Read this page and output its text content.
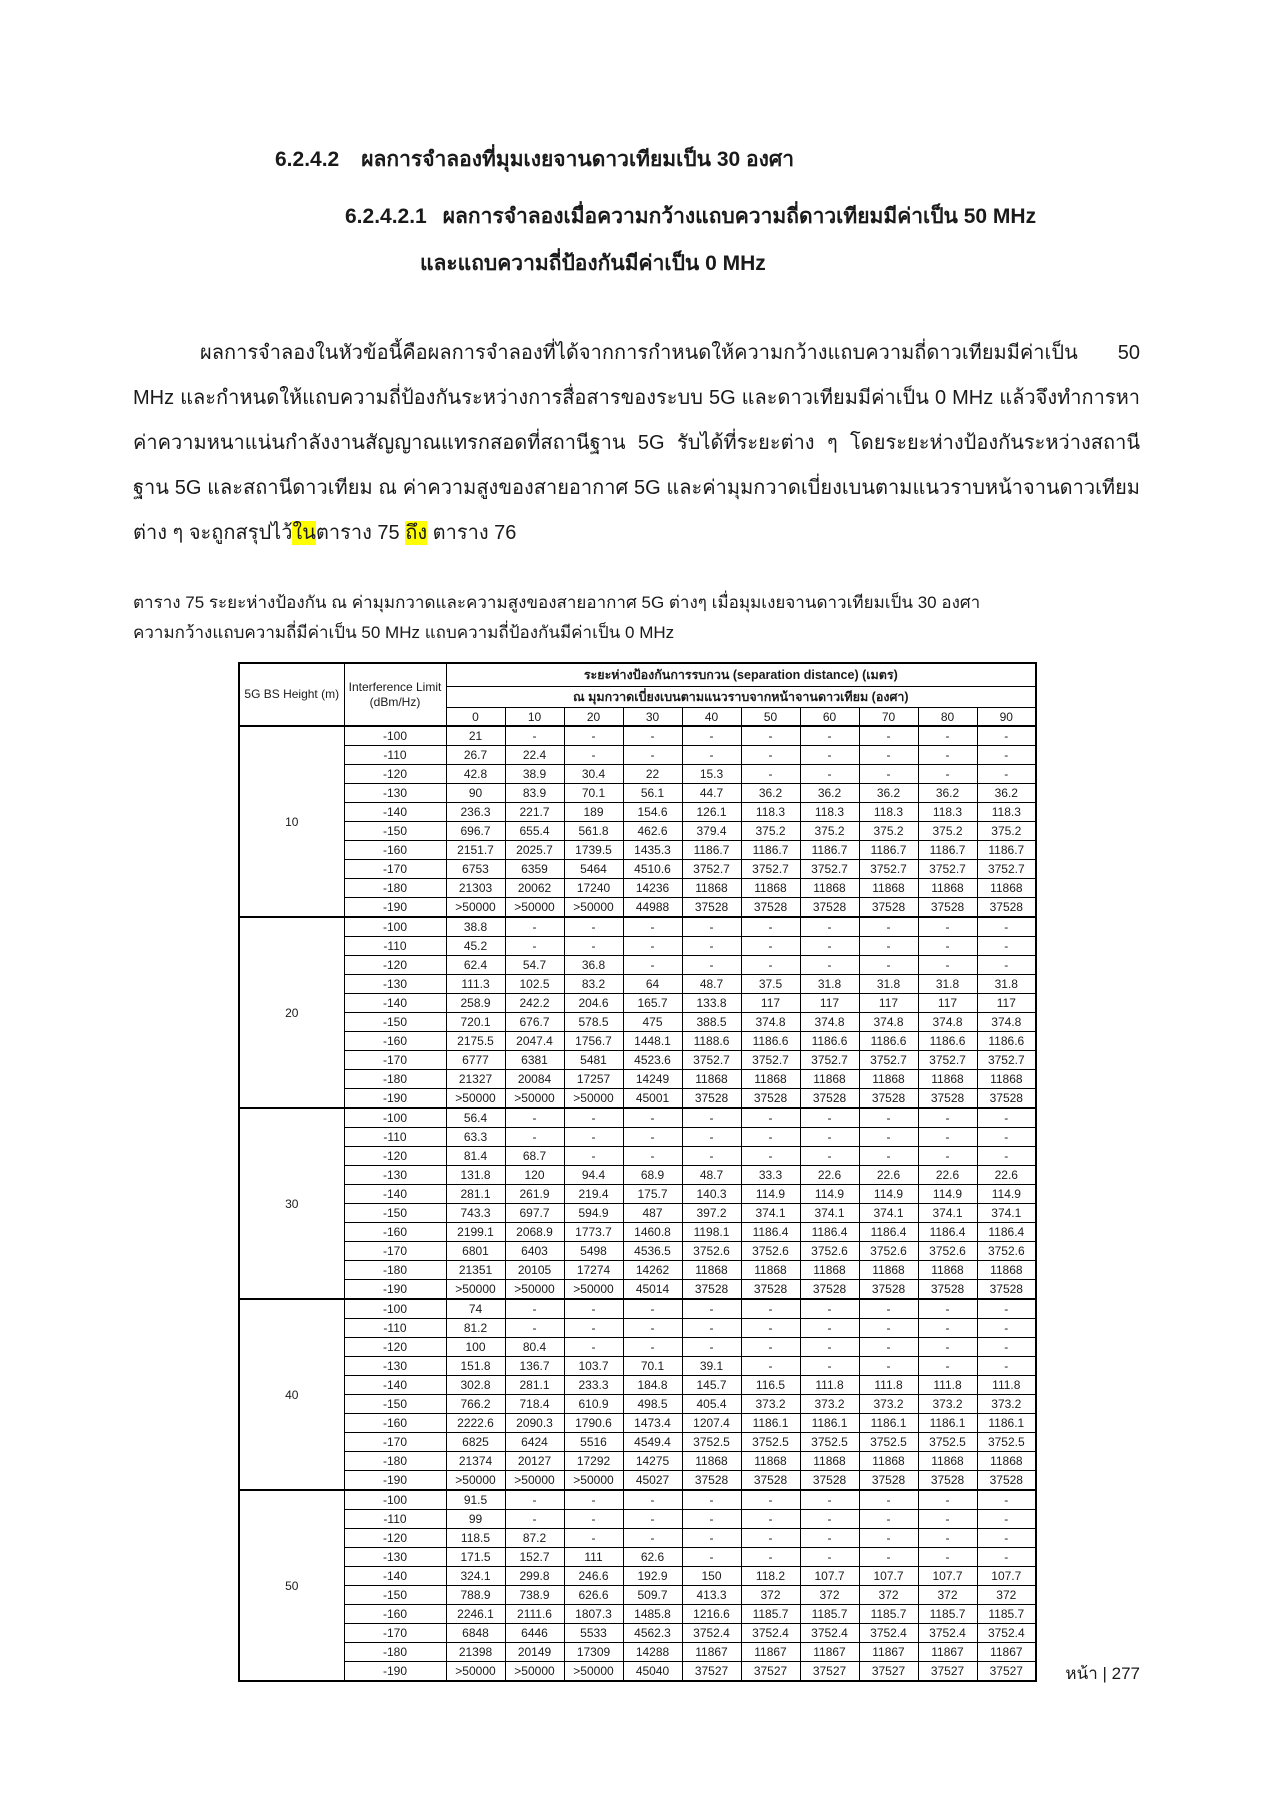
6.2.4.2 ผลการจำลองที่มุมเงยจานดาวเทียมเป็น 30 องศา
6.2.4.2.1 ผลการจำลองเมื่อความกว้างแถบความถี่ดาวเทียมมีค่าเป็น 50 MHz
และแถบความถี่ป้องกันมีค่าเป็น 0 MHz
ผลการจำลองในหัวข้อนี้คือผลการจำลองที่ได้จากการกำหนดให้ความกว้างแถบความถี่ดาวเทียมมีค่าเป็น 50 MHz และกำหนดให้แถบความถี่ป้องกันระหว่างการสื่อสารของระบบ 5G และดาวเทียมมีค่าเป็น 0 MHz แล้วจึงทำการหาค่าความหนาแน่นกำลังงานสัญญาณแทรกสอดที่สถานีฐาน 5G รับได้ที่ระยะต่าง ๆ โดยระยะห่างป้องกันระหว่างสถานีฐาน 5G และสถานีดาวเทียม ณ ค่าความสูงของสายอากาศ 5G และค่ามุมกวาดเบี่ยงเบนตามแนวราบหน้าจานดาวเทียมต่าง ๆ จะถูกสรุปไว้ในตาราง 75 ถึง ตาราง 76
ตาราง 75 ระยะห่างป้องกัน ณ ค่ามุมกวาดและความสูงของสายอากาศ 5G ต่างๆ เมื่อมุมเงยจานดาวเทียมเป็น 30 องศา
ความกว้างแถบความถี่มีค่าเป็น 50 MHz แถบความถี่ป้องกันมีค่าเป็น 0 MHz
5G BS Height (m)	Interference Limit (dBm/Hz)	ระยะห่างป้องกันการรบกวน (separation distance) (เมตร)									
		ณ มุมกวาดเบี่ยงเบนตามแนวราบจากหน้าจานดาวเทียม (องศา)									
		0	10	20	30	40	50	60	70	80	90
10	-100	21	-	-	-	-	-	-	-	-	-
	-110	26.7	22.4	-	-	-	-	-	-	-	-
	-120	42.8	38.9	30.4	22	15.3	-	-	-	-	-
	-130	90	83.9	70.1	56.1	44.7	36.2	36.2	36.2	36.2	36.2
	-140	236.3	221.7	189	154.6	126.1	118.3	118.3	118.3	118.3	118.3
	-150	696.7	655.4	561.8	462.6	379.4	375.2	375.2	375.2	375.2	375.2
	-160	2151.7	2025.7	1739.5	1435.3	1186.7	1186.7	1186.7	1186.7	1186.7	1186.7
	-170	6753	6359	5464	4510.6	3752.7	3752.7	3752.7	3752.7	3752.7	3752.7
	-180	21303	20062	17240	14236	11868	11868	11868	11868	11868	11868
	-190	>50000	>50000	>50000	44988	37528	37528	37528	37528	37528	37528
20	-100	38.8	-	-	-	-	-	-	-	-	-
	-110	45.2	-	-	-	-	-	-	-	-	-
	-120	62.4	54.7	36.8	-	-	-	-	-	-	-
	-130	111.3	102.5	83.2	64	48.7	37.5	31.8	31.8	31.8	31.8
	-140	258.9	242.2	204.6	165.7	133.8	117	117	117	117	117
	-150	720.1	676.7	578.5	475	388.5	374.8	374.8	374.8	374.8	374.8
	-160	2175.5	2047.4	1756.7	1448.1	1188.6	1186.6	1186.6	1186.6	1186.6	1186.6
	-170	6777	6381	5481	4523.6	3752.7	3752.7	3752.7	3752.7	3752.7	3752.7
	-180	21327	20084	17257	14249	11868	11868	11868	11868	11868	11868
	-190	>50000	>50000	>50000	45001	37528	37528	37528	37528	37528	37528
30	-100	56.4	-	-	-	-	-	-	-	-	-
	-110	63.3	-	-	-	-	-	-	-	-	-
	-120	81.4	68.7	-	-	-	-	-	-	-	-
	-130	131.8	120	94.4	68.9	48.7	33.3	22.6	22.6	22.6	22.6
	-140	281.1	261.9	219.4	175.7	140.3	114.9	114.9	114.9	114.9	114.9
	-150	743.3	697.7	594.9	487	397.2	374.1	374.1	374.1	374.1	374.1
	-160	2199.1	2068.9	1773.7	1460.8	1198.1	1186.4	1186.4	1186.4	1186.4	1186.4
	-170	6801	6403	5498	4536.5	3752.6	3752.6	3752.6	3752.6	3752.6	3752.6
	-180	21351	20105	17274	14262	11868	11868	11868	11868	11868	11868
	-190	>50000	>50000	>50000	45014	37528	37528	37528	37528	37528	37528
40	-100	74	-	-	-	-	-	-	-	-	-
	-110	81.2	-	-	-	-	-	-	-	-	-
	-120	100	80.4	-	-	-	-	-	-	-	-
	-130	151.8	136.7	103.7	70.1	39.1	-	-	-	-	-
	-140	302.8	281.1	233.3	184.8	145.7	116.5	111.8	111.8	111.8	111.8
	-150	766.2	718.4	610.9	498.5	405.4	373.2	373.2	373.2	373.2	373.2
	-160	2222.6	2090.3	1790.6	1473.4	1207.4	1186.1	1186.1	1186.1	1186.1	1186.1
	-170	6825	6424	5516	4549.4	3752.5	3752.5	3752.5	3752.5	3752.5	3752.5
	-180	21374	20127	17292	14275	11868	11868	11868	11868	11868	11868
	-190	>50000	>50000	>50000	45027	37528	37528	37528	37528	37528	37528
50	-100	91.5	-	-	-	-	-	-	-	-	-
	-110	99	-	-	-	-	-	-	-	-	-
	-120	118.5	87.2	-	-	-	-	-	-	-	-
	-130	171.5	152.7	111	62.6	-	-	-	-	-	-
	-140	324.1	299.8	246.6	192.9	150	118.2	107.7	107.7	107.7	107.7
	-150	788.9	738.9	626.6	509.7	413.3	372	372	372	372	372
	-160	2246.1	2111.6	1807.3	1485.8	1216.6	1185.7	1185.7	1185.7	1185.7	1185.7
	-170	6848	6446	5533	4562.3	3752.4	3752.4	3752.4	3752.4	3752.4	3752.4
	-180	21398	20149	17309	14288	11867	11867	11867	11867	11867	11867
	-190	>50000	>50000	>50000	45040	37527	37527	37527	37527	37527	37527 หน้า | 277
